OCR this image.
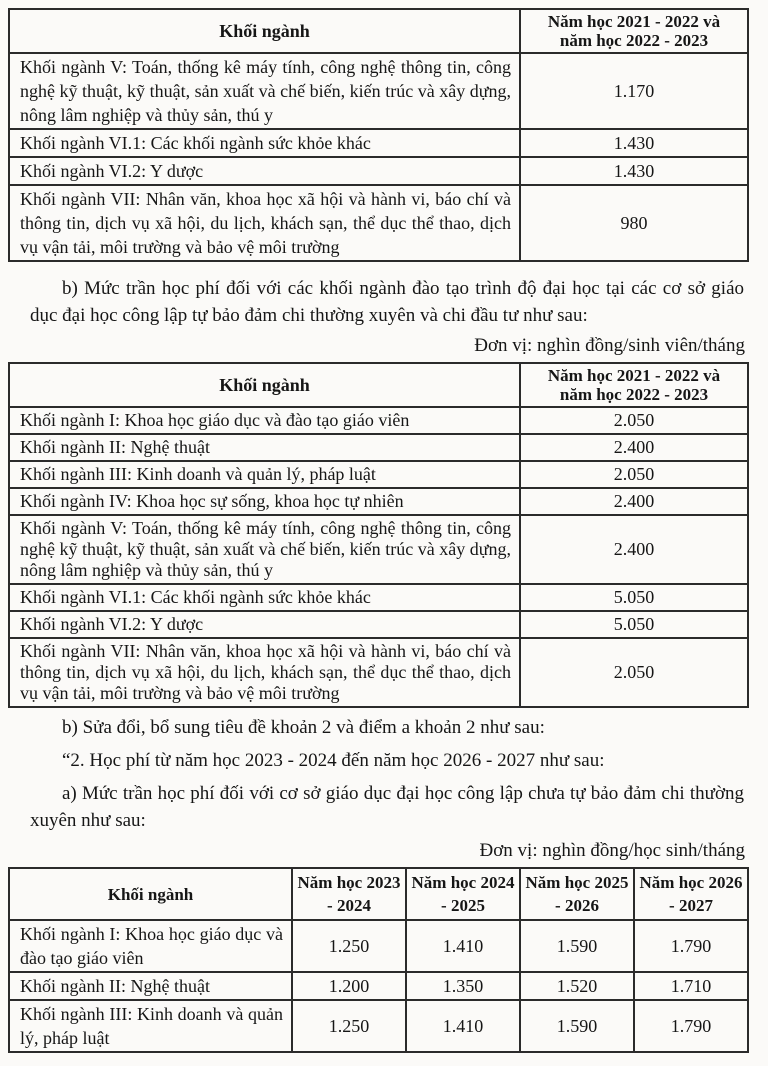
Khối ngành	Năm học 2021 - 2022 và năm học 2022 - 2023
Khối ngành V: Toán, thống kê máy tính, công nghệ thông tin, công nghệ kỹ thuật, kỹ thuật, sản xuất và chế biến, kiến trúc và xây dựng, nông lâm nghiệp và thủy sản, thú y	1.170
Khối ngành VI.1: Các khối ngành sức khỏe khác	1.430
Khối ngành VI.2: Y dược	1.430
Khối ngành VII: Nhân văn, khoa học xã hội và hành vi, báo chí và thông tin, dịch vụ xã hội, du lịch, khách sạn, thể dục thể thao, dịch vụ vận tải, môi trường và bảo vệ môi trường	980

b) Mức trần học phí đối với các khối ngành đào tạo trình độ đại học tại các cơ sở giáo dục đại học công lập tự bảo đảm chi thường xuyên và chi đầu tư như sau:

Đơn vị: nghìn đồng/sinh viên/tháng

Khối ngành	Năm học 2021 - 2022 và năm học 2022 - 2023
Khối ngành I: Khoa học giáo dục và đào tạo giáo viên	2.050
Khối ngành II: Nghệ thuật	2.400
Khối ngành III: Kinh doanh và quản lý, pháp luật	2.050
Khối ngành IV: Khoa học sự sống, khoa học tự nhiên	2.400
Khối ngành V: Toán, thống kê máy tính, công nghệ thông tin, công nghệ kỹ thuật, kỹ thuật, sản xuất và chế biến, kiến trúc và xây dựng, nông lâm nghiệp và thủy sản, thú y	2.400
Khối ngành VI.1: Các khối ngành sức khỏe khác	5.050
Khối ngành VI.2: Y dược	5.050
Khối ngành VII: Nhân văn, khoa học xã hội và hành vi, báo chí và thông tin, dịch vụ xã hội, du lịch, khách sạn, thể dục thể thao, dịch vụ vận tải, môi trường và bảo vệ môi trường	2.050

b) Sửa đổi, bổ sung tiêu đề khoản 2 và điểm a khoản 2 như sau:

“2. Học phí từ năm học 2023 - 2024 đến năm học 2026 - 2027 như sau:

a) Mức trần học phí đối với cơ sở giáo dục đại học công lập chưa tự bảo đảm chi thường xuyên như sau:

Đơn vị: nghìn đồng/học sinh/tháng

Khối ngành	Năm học 2023 - 2024	Năm học 2024 - 2025	Năm học 2025 - 2026	Năm học 2026 - 2027
Khối ngành I: Khoa học giáo dục và đào tạo giáo viên	1.250	1.410	1.590	1.790
Khối ngành II: Nghệ thuật	1.200	1.350	1.520	1.710
Khối ngành III: Kinh doanh và quản lý, pháp luật	1.250	1.410	1.590	1.790
